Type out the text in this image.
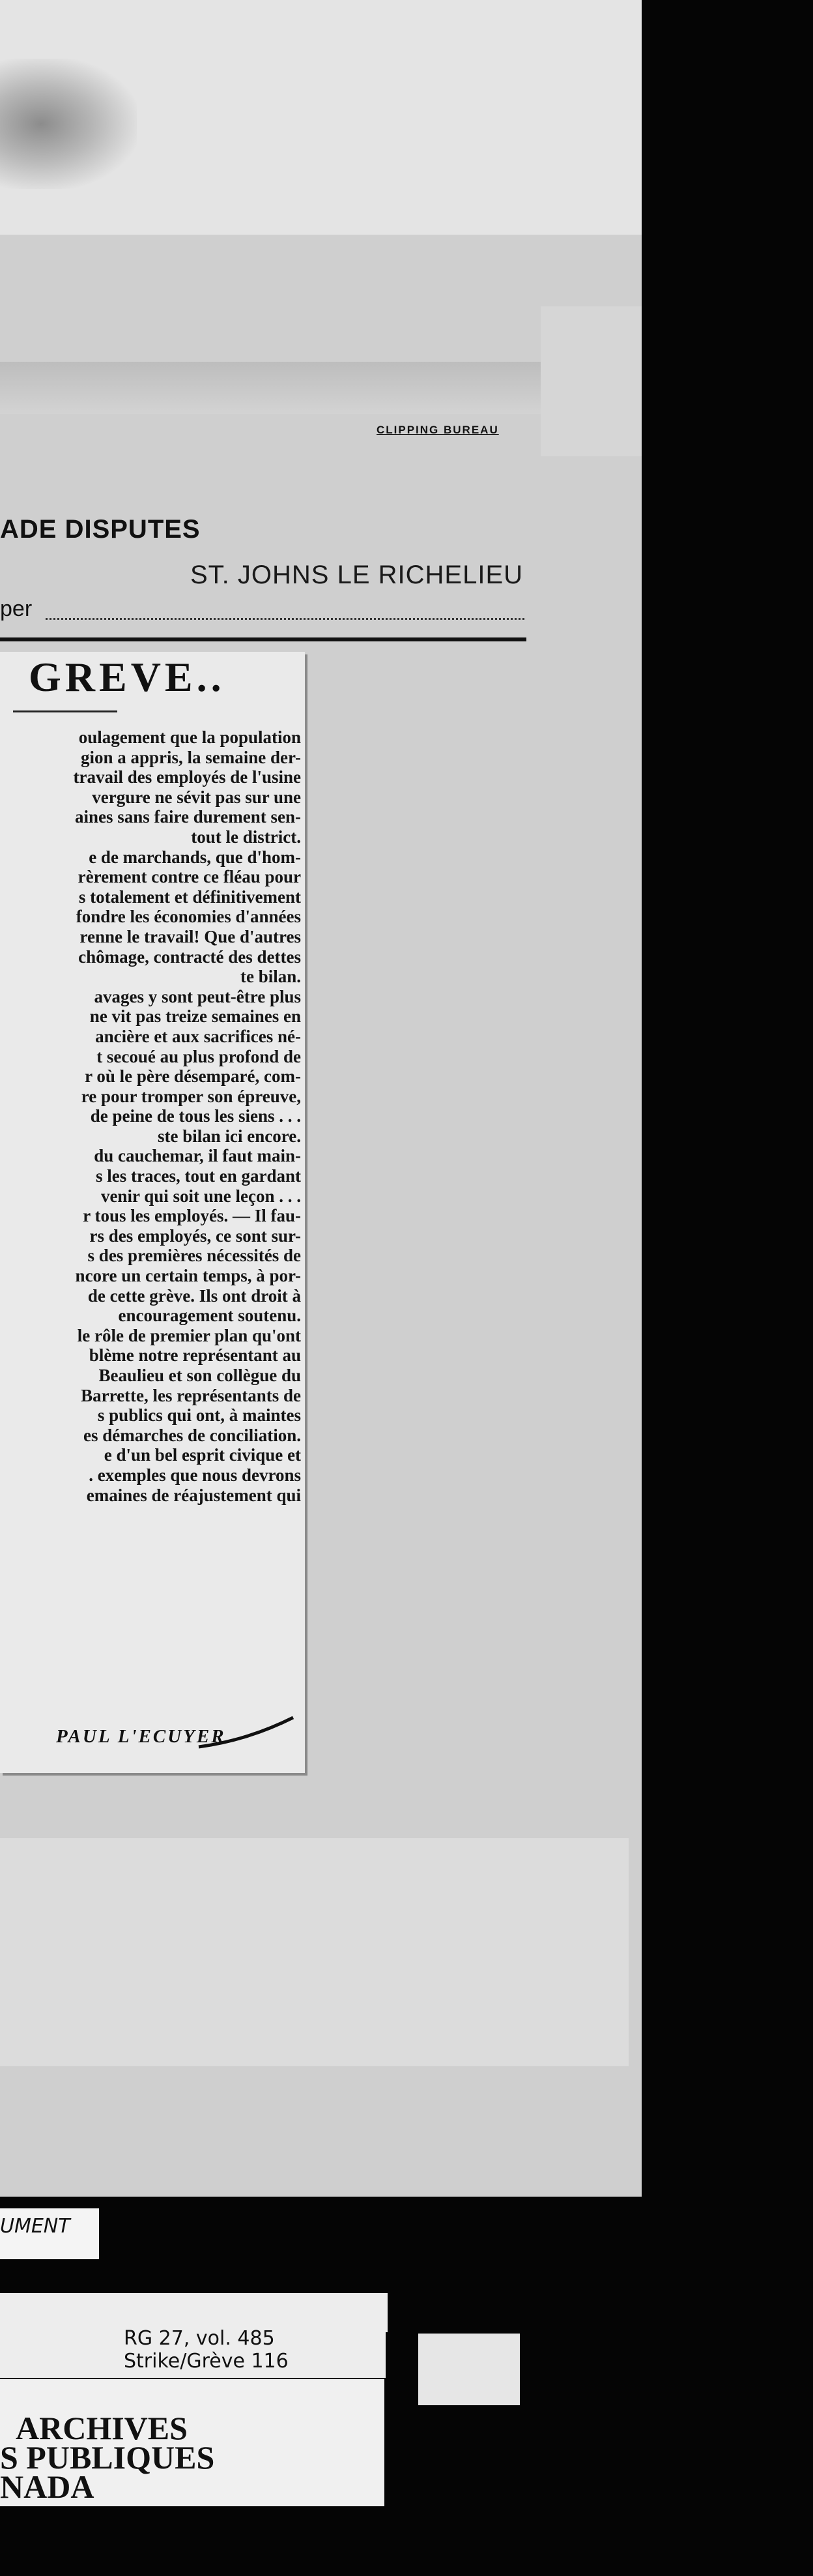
CLIPPING BUREAU
ADE DISPUTES
ST. JOHNS LE RICHELIEU
per
GREVE..
oulagement que la population
gion a appris, la semaine der-
travail des employés de l'usine
vergure ne sévit pas sur une
aines sans faire durement sen-
tout le district.
e de marchands, que d'hom-
rèrement contre ce fléau pour
s totalement et définitivement
fondre les économies d'années
renne le travail! Que d'autres
chômage, contracté des dettes
te bilan.
avages y sont peut-être plus
ne vit pas treize semaines en
ancière et aux sacrifices né-
t secoué au plus profond de
r où le père désemparé, com-
re pour tromper son épreuve,
de peine de tous les siens . . .
ste bilan ici encore.
du cauchemar, il faut main-
s les traces, tout en gardant
venir qui soit une leçon . . .
r tous les employés. — Il fau-
rs des employés, ce sont sur-
s des premières nécessités de
ncore un certain temps, à por-
de cette grève. Ils ont droit à
encouragement soutenu.
le rôle de premier plan qu'ont
blème notre représentant au
Beaulieu et son collègue du
Barrette, les représentants de
s publics qui ont, à maintes
es démarches de conciliation.
e d'un bel esprit civique et
. exemples que nous devrons
emaines de réajustement qui
PAUL L'ECUYER
UMENT
RG 27, vol. 485
Strike/Grève 116
ARCHIVES
S PUBLIQUES
NADA
